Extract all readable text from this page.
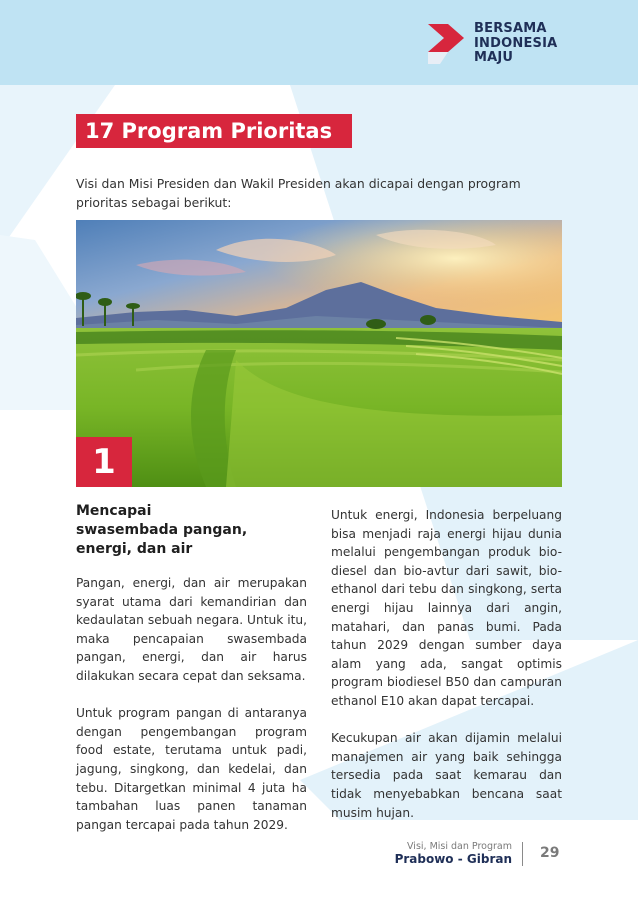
BERSAMA
INDONESIA
MAJU
17 Program Prioritas
Visi dan Misi Presiden dan Wakil Presiden akan dicapai dengan program prioritas sebagai berikut:
1
Mencapai
swasembada pangan,
energi, dan air

Pangan, energi, dan air merupakan syarat utama dari kemandirian dan kedaulatan sebuah negara. Untuk itu, maka pencapaian swasembada pangan, energi, dan air harus dilakukan secara cepat dan seksama.

Untuk program pangan di antaranya dengan pengembangan program food estate, terutama untuk padi, jagung, singkong, dan kedelai, dan tebu. Ditargetkan minimal 4 juta ha tambahan luas panen tanaman pangan tercapai pada tahun 2029.

Untuk energi, Indonesia berpeluang bisa menjadi raja energi hijau dunia melalui pengembangan produk bio-diesel dan bio-avtur dari sawit, bio-ethanol dari tebu dan singkong, serta energi hijau lainnya dari angin, matahari, dan panas bumi. Pada tahun 2029 dengan sumber daya alam yang ada, sangat optimis program biodiesel B50 dan campuran ethanol E10 akan dapat tercapai.

Kecukupan air akan dijamin melalui manajemen air yang baik sehingga tersedia pada saat kemarau dan tidak menyebabkan bencana saat musim hujan.

Visi, Misi dan Program
Prabowo - Gibran 29
